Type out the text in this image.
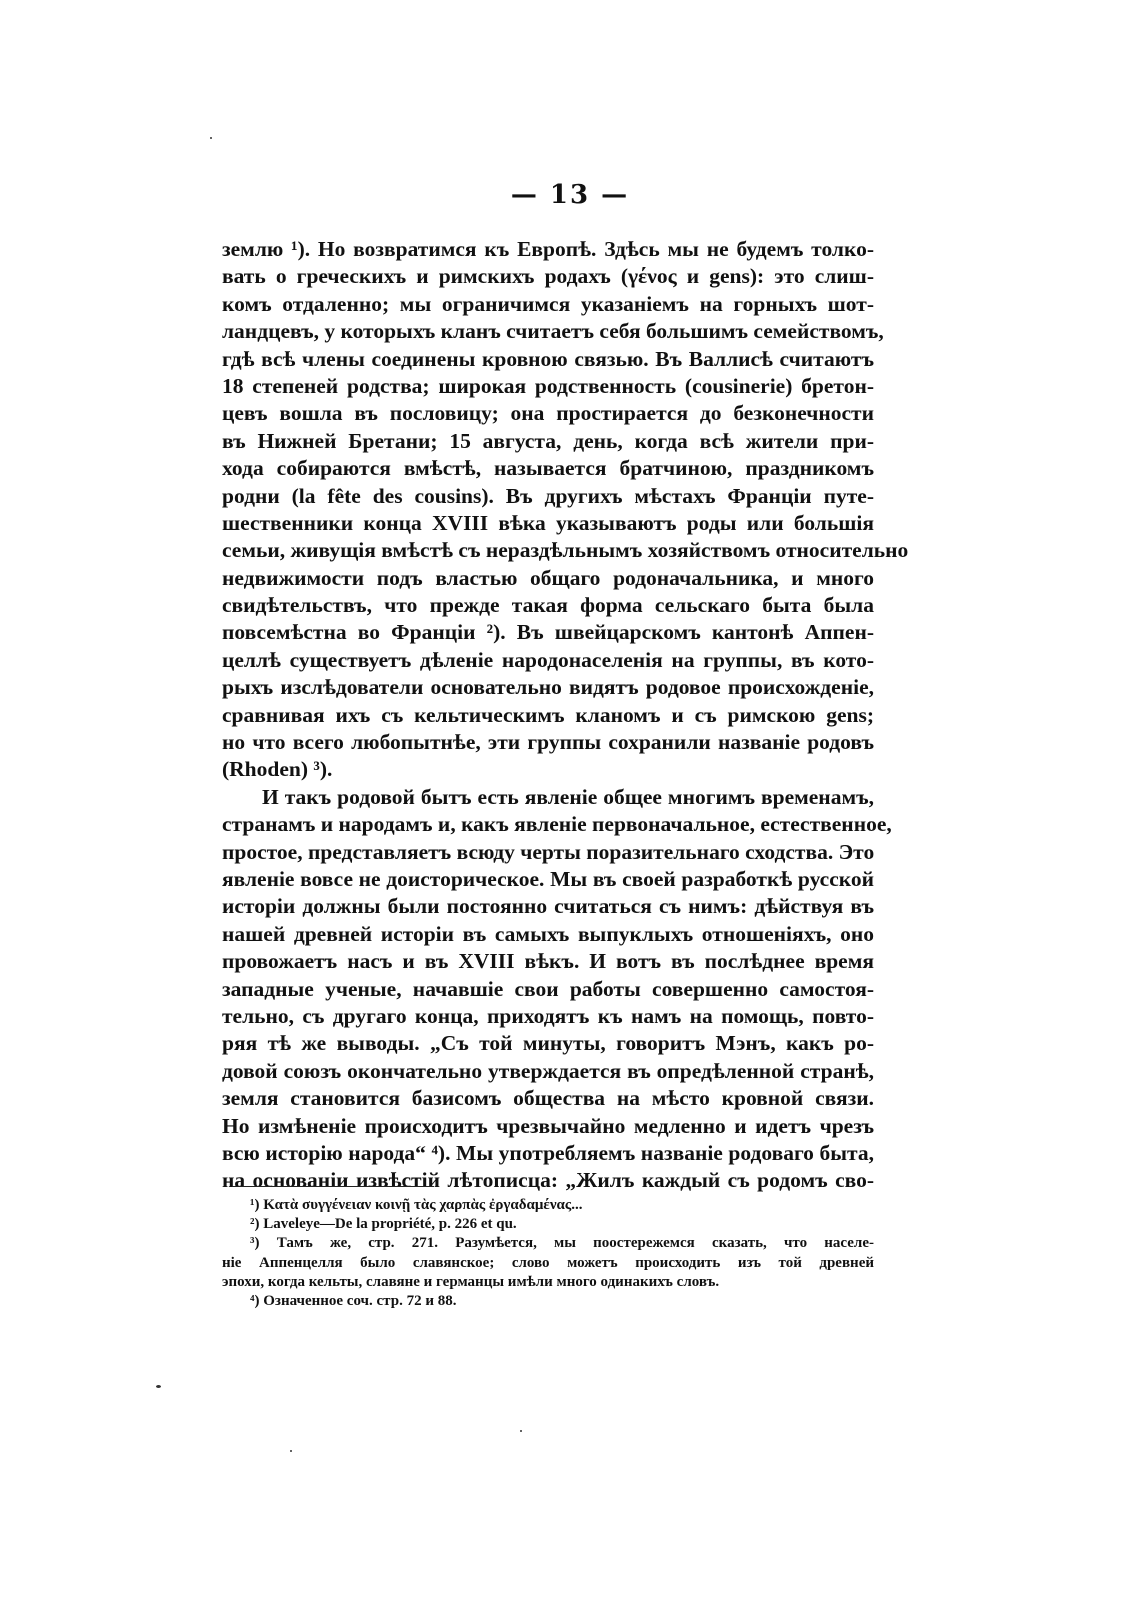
— 13 —
землю ¹). Но возвратимся къ Европѣ. Здѣсь мы не будемъ толко-
вать о греческихъ и римскихъ родахъ (γένος и gens): это слиш-
комъ отдаленно; мы ограничимся указаніемъ на горныхъ шот-
ландцевъ, у которыхъ кланъ считаетъ себя большимъ семействомъ,
гдѣ всѣ члены соединены кровною связью. Въ Валлисѣ считаютъ
18 степеней родства; широкая родственность (cousinerie) бретон-
цевъ вошла въ пословицу; она простирается до безконечности
въ Нижней Бретани; 15 августа, день, когда всѣ жители при-
хода собираются вмѣстѣ, называется братчиною, праздникомъ
родни (la fête des cousins). Въ другихъ мѣстахъ Франціи путе-
шественники конца XVIII вѣка указываютъ роды или большія
семьи, живущія вмѣстѣ съ нераздѣльнымъ хозяйствомъ относительно
недвижимости подъ властью общаго родоначальника, и много
свидѣтельствъ, что прежде такая форма сельскаго быта была
повсемѣстна во Франціи ²). Въ швейцарскомъ кантонѣ Аппен-
целлѣ существуетъ дѣленіе народонаселенія на группы, въ кото-
рыхъ изслѣдователи основательно видятъ родовое происхожденіе,
сравнивая ихъ съ кельтическимъ кланомъ и съ римскою gens;
но что всего любопытнѣе, эти группы сохранили названіе родовъ
(Rhoden) ³).
И такъ родовой бытъ есть явленіе общее многимъ временамъ,
странамъ и народамъ и, какъ явленіе первоначальное, естественное,
простое, представляетъ всюду черты поразительнаго сходства. Это
явленіе вовсе не доисторическое. Мы въ своей разработкѣ русской
исторіи должны были постоянно считаться съ нимъ: дѣйствуя въ
нашей древней исторіи въ самыхъ выпуклыхъ отношеніяхъ, оно
провожаетъ насъ и въ XVIII вѣкъ. И вотъ въ послѣднее время
западные ученые, начавшіе свои работы совершенно самостоя-
тельно, съ другаго конца, приходятъ къ намъ на помощь, повто-
ряя тѣ же выводы. „Съ той минуты, говоритъ Мэнъ, какъ ро-
довой союзъ окончательно утверждается въ опредѣленной странѣ,
земля становится базисомъ общества на мѣсто кровной связи.
Но измѣненіе происходитъ чрезвычайно медленно и идетъ чрезъ
всю исторію народа“ ⁴). Мы употребляемъ названіе родоваго быта,
на основаніи извѣстій лѣтописца: „Жилъ каждый съ родомъ сво-
¹) Κατὰ συγγένειαν κοινῇ τὰς χαρπὰς ἐργαδαμένας...
²) Laveleye—De la propriété, p. 226 et qu.
³) Тамъ же, стр. 271. Разумѣется, мы поостережемся сказать, что населе-
ніе Аппенцелля было славянское; слово можетъ происходить изъ той древней
эпохи, когда кельты, славяне и германцы имѣли много одинакихъ словъ.
⁴) Означенное соч. стр. 72 и 88.
